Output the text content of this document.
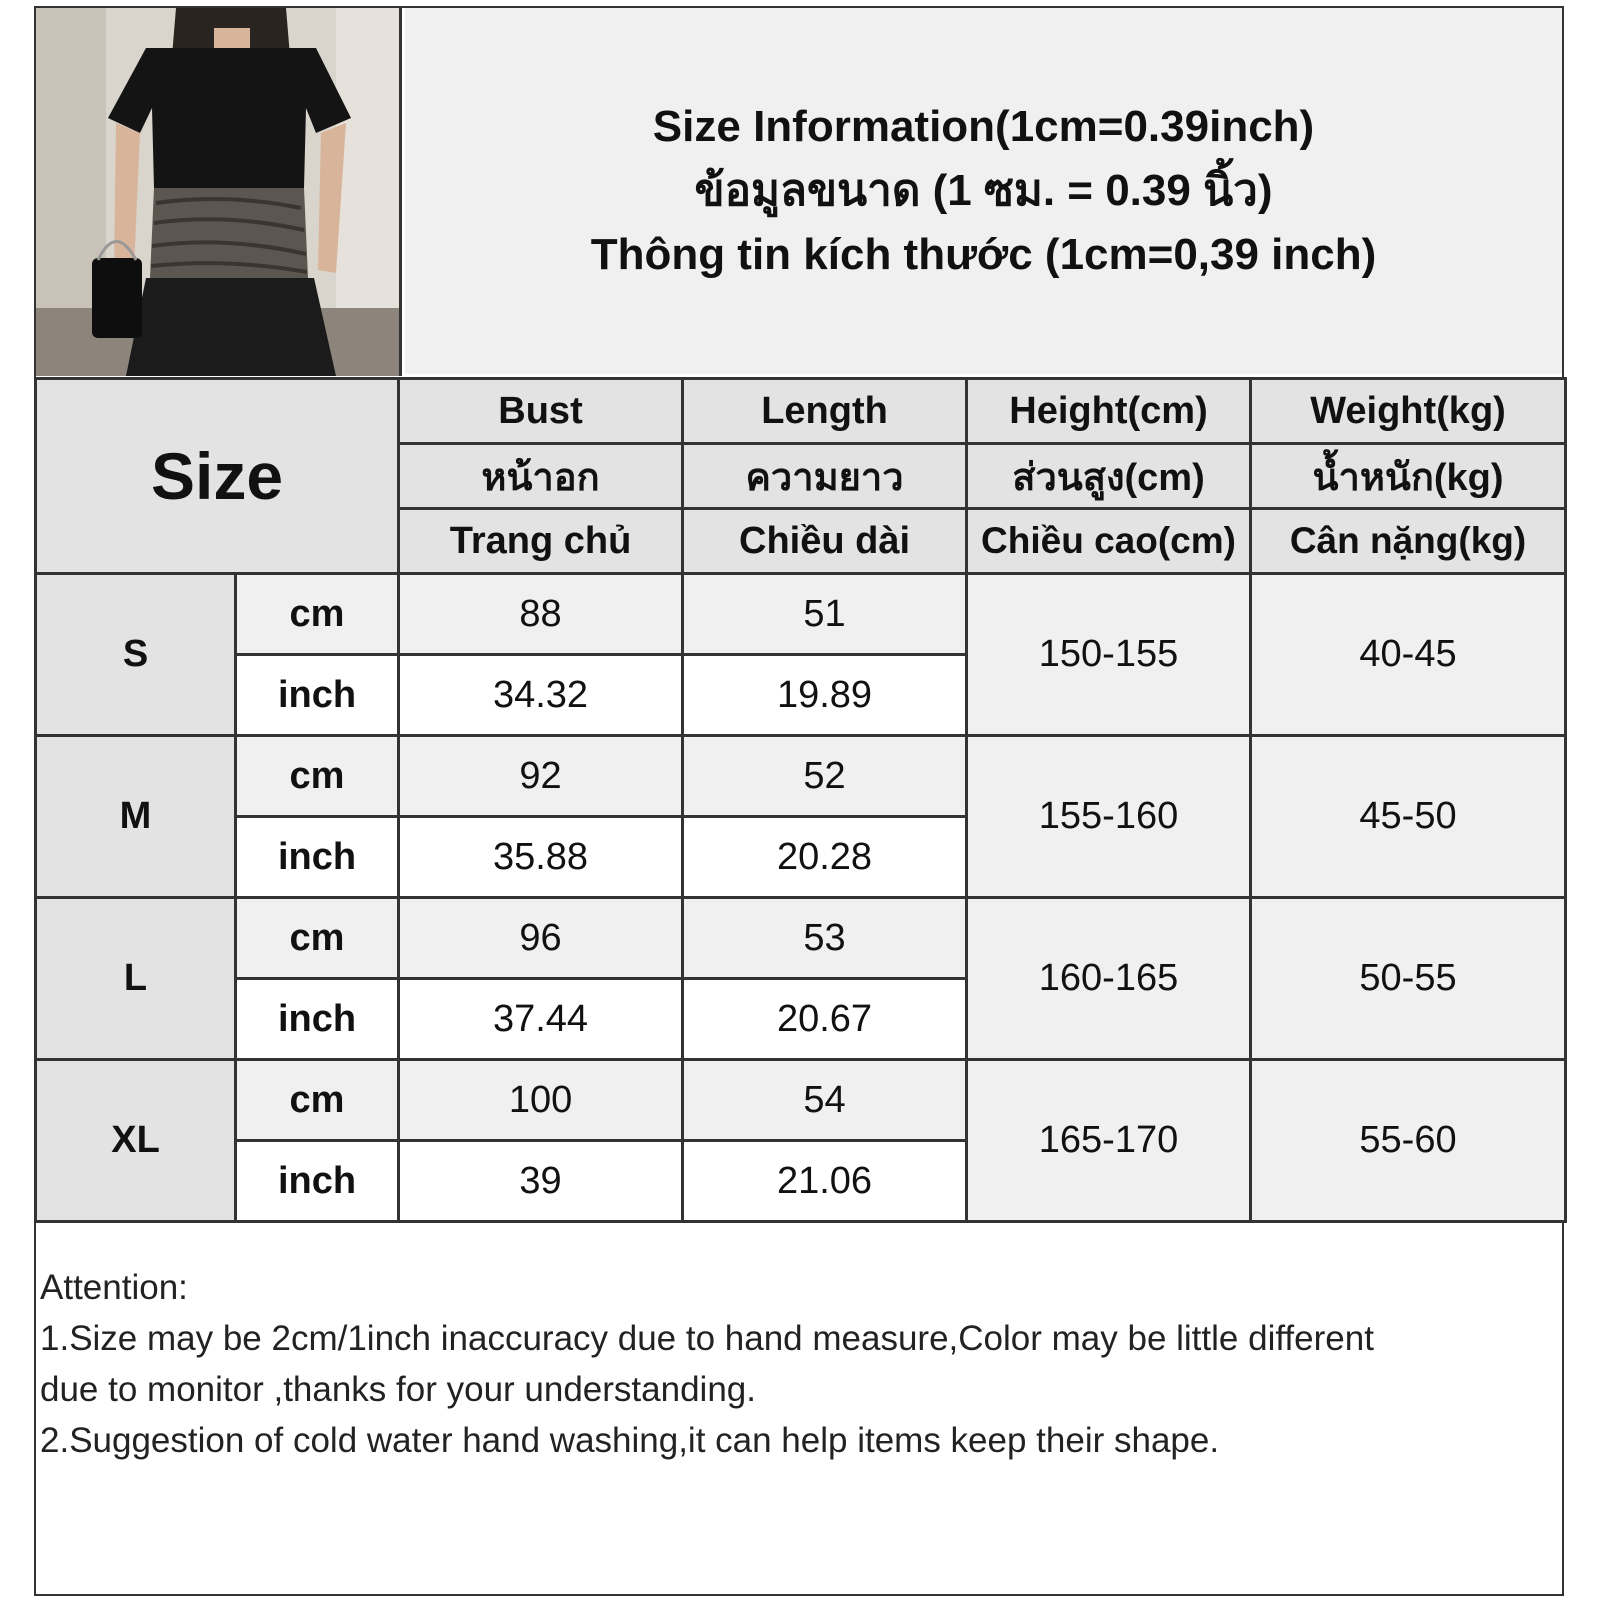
Size Information(1cm=0.39inch)
ข้อมูลขนาด (1 ซม. = 0.39 นิ้ว)
Thông tin kích thước (1cm=0,39 inch)
Size		Bust	Length	Height(cm)	Weight(kg)
		หน้าอก	ความยาว	ส่วนสูง(cm)	น้ำหนัก(kg)
		Trang chủ	Chiều dài	Chiều cao(cm)	Cân nặng(kg)
S	cm	88	51	150-155	40-45
	inch	34.32	19.89		
M	cm	92	52	155-160	45-50
	inch	35.88	20.28		
L	cm	96	53	160-165	50-55
	inch	37.44	20.67		
XL	cm	100	54	165-170	55-60
	inch	39	21.06		

Attention:

1.Size may be 2cm/1inch inaccuracy due to hand measure,Color may be little different

due to monitor ,thanks for your understanding.

2.Suggestion of cold water hand washing,it can help items keep their shape.
